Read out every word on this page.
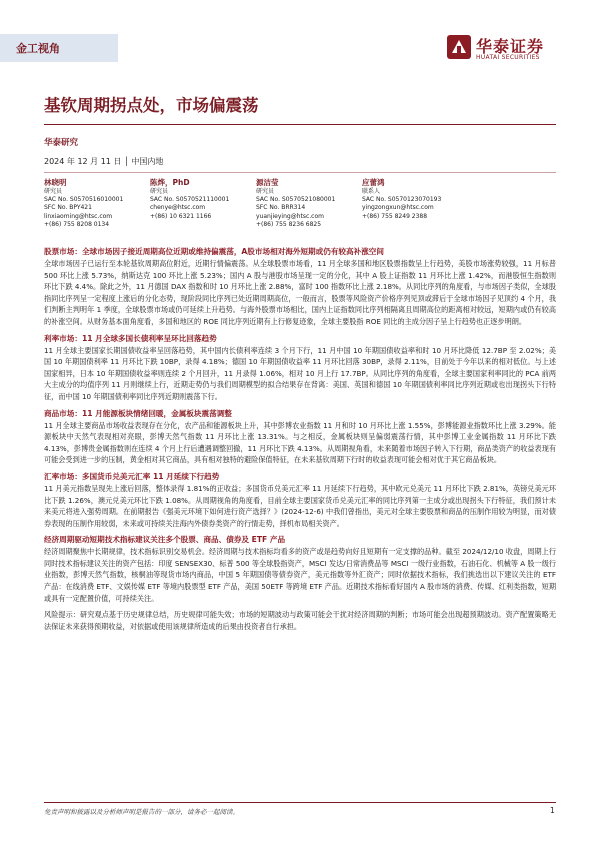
金工视角	华泰证券
HUATAI SECURITIES
基钦周期拐点处，市场偏震荡
华泰研究
2024 年 12 月 11 日 │ 中国内地
林晓明
研究员
SAC No. S0570516010001
SFC No. BPY421
linxiaoming@htsc.com
+(86) 755 8208 0134
陈烨，PhD
研究员
SAC No. S0570521110001
chenye@htsc.com
+(86) 10 6321 1166
源洁莹
研究员
SAC No. S0570521080001
SFC No. BRR314
yuanjieying@htsc.com
+(86) 755 8236 6825
应蕾鸿
联系人
SAC No. S0570123070193
yingzongxun@htsc.com
+(86) 755 8249 2388
股票市场：全球市场因子接近周期高位近期或维持偏震荡，A股市场相对海外短期或仍有较高补涨空间
全球市场因子已运行至本轮基钦周期高位附近，近期行情偏震荡。从全球股票市场看，11 月全球多国和地区股票指数呈上行趋势，美股市场涨势较强，11 月标普 500 环比上涨 5.73%，纳斯达克 100 环比上涨 5.23%；国内 A 股与港股市场呈现一定的分化，其中 A 股上证指数 11 月环比上涨 1.42%，而港股恒生指数则环比下跌 4.4%。除此之外，11 月德国 DAX 指数和时 10 月环比上涨 2.88%，富时 100 指数环比上涨 2.18%。从同比序列的角度看，与市场因子类似，全球股指同比序列呈一定程度上涨后的分化态势，现阶段同比序列已处近期周期高位，一般而言，股票等风险资产价格序列见顶或滞后于全球市场因子见顶约 4 个月，我们判断主判明年 1 季度，全球股票市场或仍可延续上升趋势。与海外股票市场相比，国内上证指数同比序列相隔离且周期高位的距离相对较远，短期内或仍有较高的补涨空间。从财务基本面角度看，多国和地区的 ROE 同比序列近期有上行修复迹象，全球主要股指 ROE 同比的主成分因子呈上行趋势也正逐步明朗。
利率市场：11 月全球多国长债利率呈环比回落趋势
11 月全球主要国家长期国债收益率呈回落趋势，其中国内长债利率连续 3 个月下行，11 月中国 10 年期国债收益率和时 10 月环比降低 12.7BP 至 2.02%；美国 10 年期国债利率 11 月环比下跌 10BP，录得 4.18%；德国 10 年期国债收益率 11 月环比回落 30BP，录得 2.11%，目前处于今年以来的相对低位。与上述国家相异，日本 10 年期国债收益率则连续 2 个月回升，11 月录得 1.06%，相对 10 月上行 17.7BP。从同比序列的角度看，全球主要国家利率同比的 PCA 前两大主成分的均值序列 11 月则继续上行，近期走势仍与我们周期模型的拟合结果存在背离：美国、英国和德国 10 年期国债利率同比序列近期或也出现拐头下行特征，而中国 10 年期国债利率同比序列近期则震荡下行。
商品市场：11 月能源板块情绪回暖，金属板块震荡调整
11 月全球主要商品市场收益表现存在分化，农产品和能源板块上升，其中彭博农业指数 11 月和时 10 月环比上涨 1.55%，彭博能源业指数环比上涨 3.29%。能源板块中天然气表现相对亮眼，彭博天然气指数 11 月环比上涨 13.31%。与之相反，金属板块则呈偏弱震荡行情，其中彭博工业金属指数 11 月环比下跌 4.13%，彭博贵金属指数则在连续 4 个月上行后遭遇调整回撤，11 月环比下跌 4.13%。从周期视角看，未来随着市场因子转入下行期，商品类资产的收益表现有可能会受到进一步的压制，黄金相对其它商品，具有相对独特的避险保值特征，在未来基钦周期下行时的收益表现可能会相对优于其它商品板块。
汇率市场：多国货币兑美元汇率 11 月延续下行趋势
11 月美元指数呈现先上涨后回落，整体录得 1.81%的正收益；多国货币兑美元汇率 11 月延续下行趋势，其中欧元兑美元 11 月环比下跌 2.81%，英镑兑美元环比下跌 1.26%，澳元兑美元环比下跌 1.08%。从周期视角的角度看，目前全球主要国家货币兑美元汇率的同比序列第一主成分或出现拐头下行特征，我们预计未来美元将进入强势周期。在前期报告《强美元环境下如何进行资产选择？》(2024-12-6) 中我们曾指出，美元对全球主要股票和商品的压制作用较为明显，而对债券表现的压制作用较弱，未来或可持续关注海内外债券类资产的行情走势，择机布局相关资产。
经济周期驱动短期技术指标建议关注多个股票、商品、债券及 ETF 产品
经济周期聚焦中长期规律，技术指标识别交易机会。经济周期与技术指标均看多的资产或是趋势向好且短期有一定支撑的品种。截至 2024/12/10 收盘，周期上行同时技术指标建议关注的资产包括：印度 SENSEX30、标普 500 等全球股指资产，MSCI 发达/日常消费品等 MSCI 一级行业指数，石油石化、机械等 A 股一级行业指数，彭博天然气指数，核桐油等现货市场内商品，中国 5 年期国债等债券资产，美元指数等外汇资产；同时依据技术指标，我们挑选出以下建议关注的 ETF 产品：在线消费 ETF、文娱传媒 ETF 等境内股票型 ETF 产品，美国 50ETF 等跨境 ETF 产品。近期技术指标看好国内 A 股市场的消费、传媒、红利类指数，短期或具有一定配置价值，可持续关注。
风险提示：研究观点基于历史规律总结，历史规律可能失效；市场的短期波动与政策可能会干扰对经济周期的判断；市场可能会出现超预期波动。资产配置策略无法保证未来获得预期收益，对依据或使用该规律所造成的后果由投资者自行承担。
免责声明和披露以及分析师声明是报告的一部分，请务必一起阅读。	1
